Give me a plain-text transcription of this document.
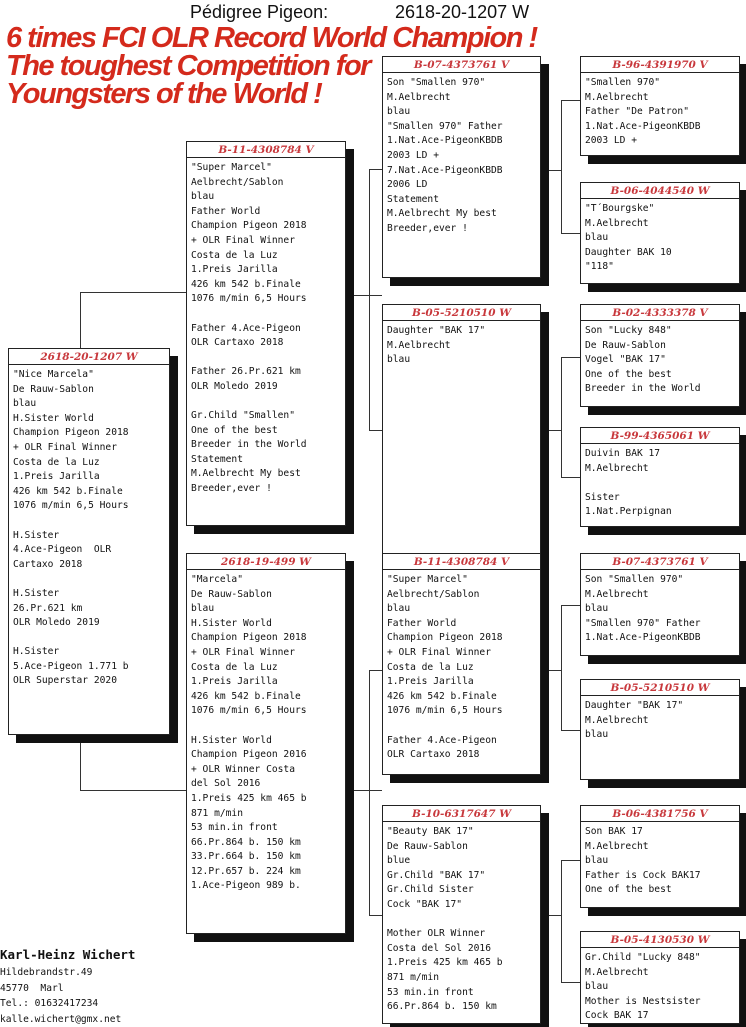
Pédigree Pigeon:	2618-20-1207 W
6 times FCI OLR Record World Champion !
The toughest Competition for
Youngsters of the World !
2618-20-1207 W
"Nice Marcela"
De Rauw-Sablon
blau
H.Sister World
Champion Pigeon 2018
+ OLR Final Winner
Costa de la Luz
1.Preis Jarilla
426 km 542 b.Finale
1076 m/min 6,5 Hours

H.Sister
4.Ace-Pigeon  OLR
Cartaxo 2018

H.Sister
26.Pr.621 km
OLR Moledo 2019

H.Sister
5.Ace-Pigeon 1.771 b
OLR Superstar 2020
B-11-4308784 V
"Super Marcel"
Aelbrecht/Sablon
blau
Father World
Champion Pigeon 2018
+ OLR Final Winner
Costa de la Luz
1.Preis Jarilla
426 km 542 b.Finale
1076 m/min 6,5 Hours

Father 4.Ace-Pigeon
OLR Cartaxo 2018

Father 26.Pr.621 km
OLR Moledo 2019

Gr.Child "Smallen"
One of the best
Breeder in the World
Statement
M.Aelbrecht My best
Breeder,ever !
2618-19-499 W
"Marcela"
De Rauw-Sablon
blau
H.Sister World
Champion Pigeon 2018
+ OLR Final Winner
Costa de la Luz
1.Preis Jarilla
426 km 542 b.Finale
1076 m/min 6,5 Hours

H.Sister World
Champion Pigeon 2016
+ OLR Winner Costa
del Sol 2016
1.Preis 425 km 465 b
871 m/min
53 min.in front
66.Pr.864 b. 150 km
33.Pr.664 b. 150 km
12.Pr.657 b. 224 km
1.Ace-Pigeon 989 b.
B-07-4373761 V
Son "Smallen 970"
M.Aelbrecht
blau
"Smallen 970" Father
1.Nat.Ace-PigeonKBDB
2003 LD +
7.Nat.Ace-PigeonKBDB
2006 LD
Statement
M.Aelbrecht My best
Breeder,ever !
B-05-5210510 W
Daughter "BAK 17"
M.Aelbrecht
blau
B-11-4308784 V
"Super Marcel"
Aelbrecht/Sablon
blau
Father World
Champion Pigeon 2018
+ OLR Final Winner
Costa de la Luz
1.Preis Jarilla
426 km 542 b.Finale
1076 m/min 6,5 Hours

Father 4.Ace-Pigeon
OLR Cartaxo 2018
B-10-6317647 W
"Beauty BAK 17"
De Rauw-Sablon
blue
Gr.Child "BAK 17"
Gr.Child Sister
Cock "BAK 17"

Mother OLR Winner
Costa del Sol 2016
1.Preis 425 km 465 b
871 m/min
53 min.in front
66.Pr.864 b. 150 km
B-96-4391970 V
"Smallen 970"
M.Aelbrecht
Father "De Patron"
1.Nat.Ace-PigeonKBDB
2003 LD +
B-06-4044540 W
"T´Bourgske"
M.Aelbrecht
blau
Daughter BAK 10
"118"
B-02-4333378 V
Son "Lucky 848"
De Rauw-Sablon
Vogel "BAK 17"
One of the best
Breeder in the World
B-99-4365061 W
Duivin BAK 17
M.Aelbrecht

Sister
1.Nat.Perpignan
B-07-4373761 V
Son "Smallen 970"
M.Aelbrecht
blau
"Smallen 970" Father
1.Nat.Ace-PigeonKBDB
B-05-5210510 W
Daughter "BAK 17"
M.Aelbrecht
blau
B-06-4381756 V
Son BAK 17
M.Aelbrecht
blau
Father is Cock BAK17
One of the best
B-05-4130530 W
Gr.Child "Lucky 848"
M.Aelbrecht
blau
Mother is Nestsister
Cock BAK 17
Karl-Heinz Wichert
Hildebrandstr.49
45770  Marl
Tel.: 01632417234
kalle.wichert@gmx.net
